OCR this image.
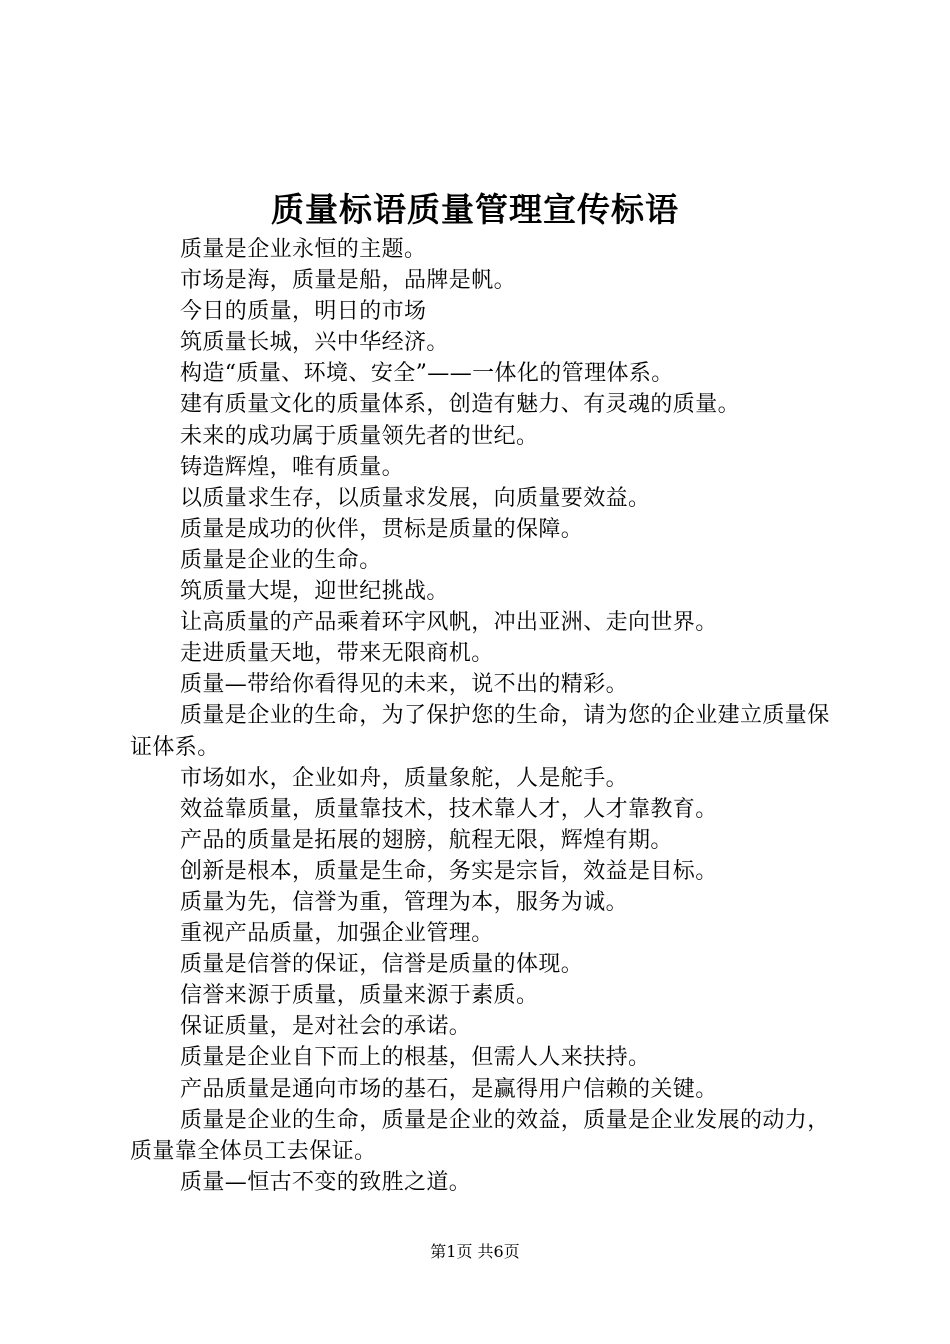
质量标语质量管理宣传标语

质量是企业永恒的主题。

市场是海，质量是船，品牌是帆。

今日的质量，明日的市场

筑质量长城，兴中华经济。

构造“质量、环境、安全”——一体化的管理体系。

建有质量文化的质量体系，创造有魅力、有灵魂的质量。

未来的成功属于质量领先者的世纪。

铸造辉煌，唯有质量。

以质量求生存，以质量求发展，向质量要效益。

质量是成功的伙伴，贯标是质量的保障。

质量是企业的生命。

筑质量大堤，迎世纪挑战。

让高质量的产品乘着环宇风帆，冲出亚洲、走向世界。

走进质量天地，带来无限商机。

质量—带给你看得见的未来，说不出的精彩。

质量是企业的生命，为了保护您的生命，请为您的企业建立质量保证体系。

市场如水，企业如舟，质量象舵，人是舵手。

效益靠质量，质量靠技术，技术靠人才，人才靠教育。

产品的质量是拓展的翅膀，航程无限，辉煌有期。

创新是根本，质量是生命，务实是宗旨，效益是目标。

质量为先，信誉为重，管理为本，服务为诚。

重视产品质量，加强企业管理。

质量是信誉的保证，信誉是质量的体现。

信誉来源于质量，质量来源于素质。

保证质量，是对社会的承诺。

质量是企业自下而上的根基，但需人人来扶持。

产品质量是通向市场的基石，是赢得用户信赖的关键。

质量是企业的生命，质量是企业的效益，质量是企业发展的动力，质量靠全体员工去保证。

质量—恒古不变的致胜之道。

第1页 共6页
